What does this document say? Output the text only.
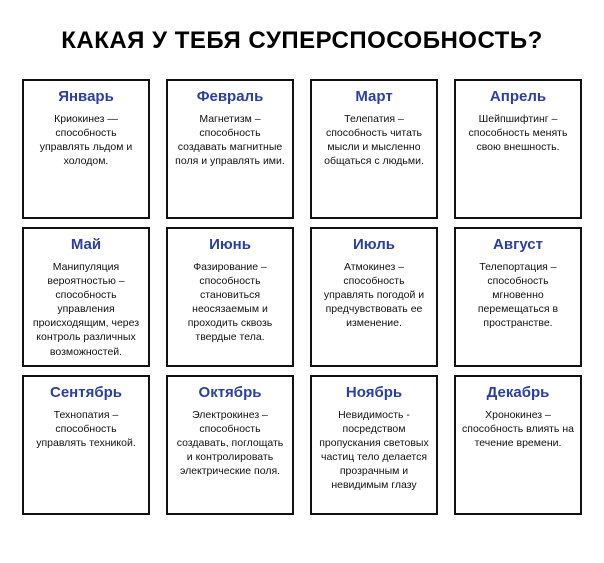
КАКАЯ У ТЕБЯ СУПЕРСПОСОБНОСТЬ?
Январь
Криокинез — способность управлять льдом и холодом.
Февраль
Магнетизм – способность создавать магнитные поля и управлять ими.
Март
Телепатия – способность читать мысли и мысленно общаться с людьми.
Апрель
Шейпшифтинг – способность менять свою внешность.
Май
Манипуляция вероятностью – способность управления происходящим, через контроль различных возможностей.
Июнь
Фазирование – способность становиться неосязаемым и проходить сквозь твердые тела.
Июль
Атмокинез – способность управлять погодой и предчувствовать ее изменение.
Август
Телепортация – способность мгновенно перемещаться в пространстве.
Сентябрь
Технопатия – способность управлять техникой.
Октябрь
Электрокинез – способность создавать, поглощать и контролировать электрические поля.
Ноябрь
Невидимость - посредством пропускания световых частиц тело делается прозрачным и невидимым глазу
Декабрь
Хронокинез – способность влиять на течение времени.
